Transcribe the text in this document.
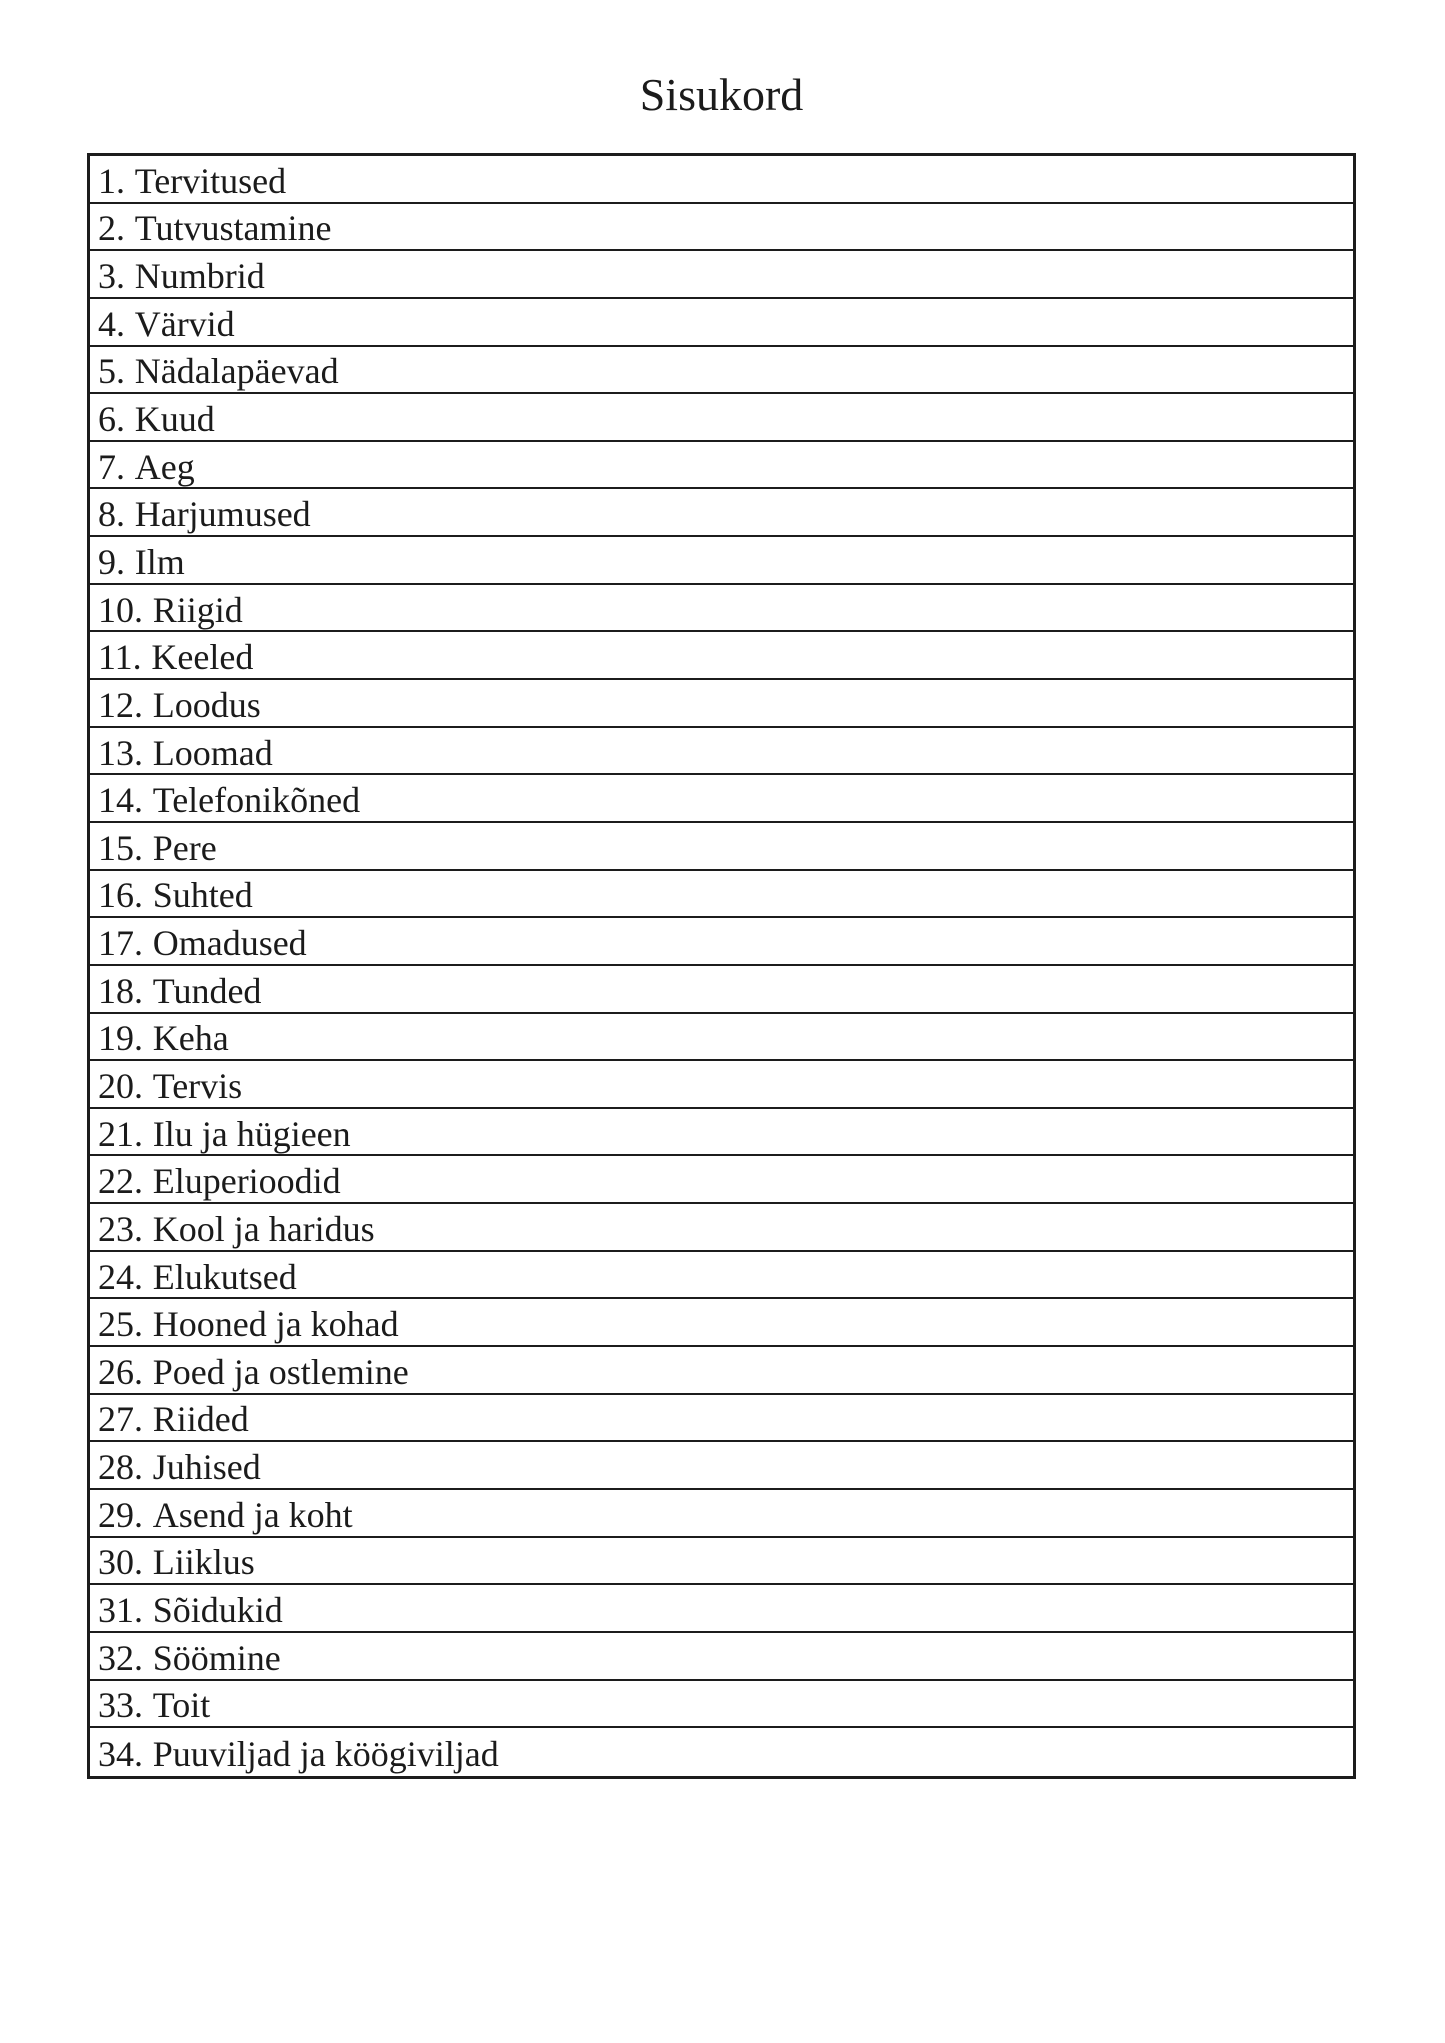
Sisukord
1. Tervitused
2. Tutvustamine
3. Numbrid
4. Värvid
5. Nädalapäevad
6. Kuud
7. Aeg
8. Harjumused
9. Ilm
10. Riigid
11. Keeled
12. Loodus
13. Loomad
14. Telefonikõned
15. Pere
16. Suhted
17. Omadused
18. Tunded
19. Keha
20. Tervis
21. Ilu ja hügieen
22. Eluperioodid
23. Kool ja haridus
24. Elukutsed
25. Hooned ja kohad
26. Poed ja ostlemine
27. Riided
28. Juhised
29. Asend ja koht
30. Liiklus
31. Sõidukid
32. Söömine
33. Toit
34. Puuviljad ja köögiviljad
